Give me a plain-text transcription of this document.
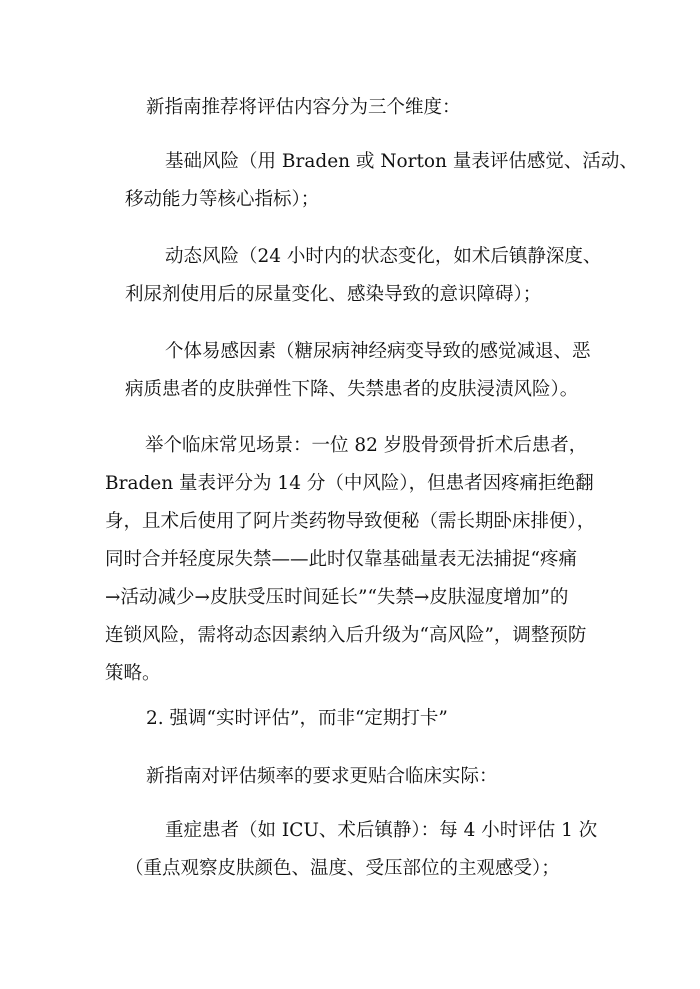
新指南推荐将评估内容分为三个维度：

基础风险（用 Braden 或 Norton 量表评估感觉、活动、
移动能力等核心指标）；

动态风险（24 小时内的状态变化，如术后镇静深度、
利尿剂使用后的尿量变化、感染导致的意识障碍）；

个体易感因素（糖尿病神经病变导致的感觉减退、恶
病质患者的皮肤弹性下降、失禁患者的皮肤浸渍风险）。

举个临床常见场景：一位 82 岁股骨颈骨折术后患者，
Braden 量表评分为 14 分（中风险），但患者因疼痛拒绝翻
身，且术后使用了阿片类药物导致便秘（需长期卧床排便），
同时合并轻度尿失禁——此时仅靠基础量表无法捕捉“疼痛
→活动减少→皮肤受压时间延长”“失禁→皮肤湿度增加”的
连锁风险，需将动态因素纳入后升级为“高风险”，调整预防
策略。

2. 强调“实时评估”，而非“定期打卡”

新指南对评估频率的要求更贴合临床实际：

重症患者（如 ICU、术后镇静）：每 4 小时评估 1 次
（重点观察皮肤颜色、温度、受压部位的主观感受）；
